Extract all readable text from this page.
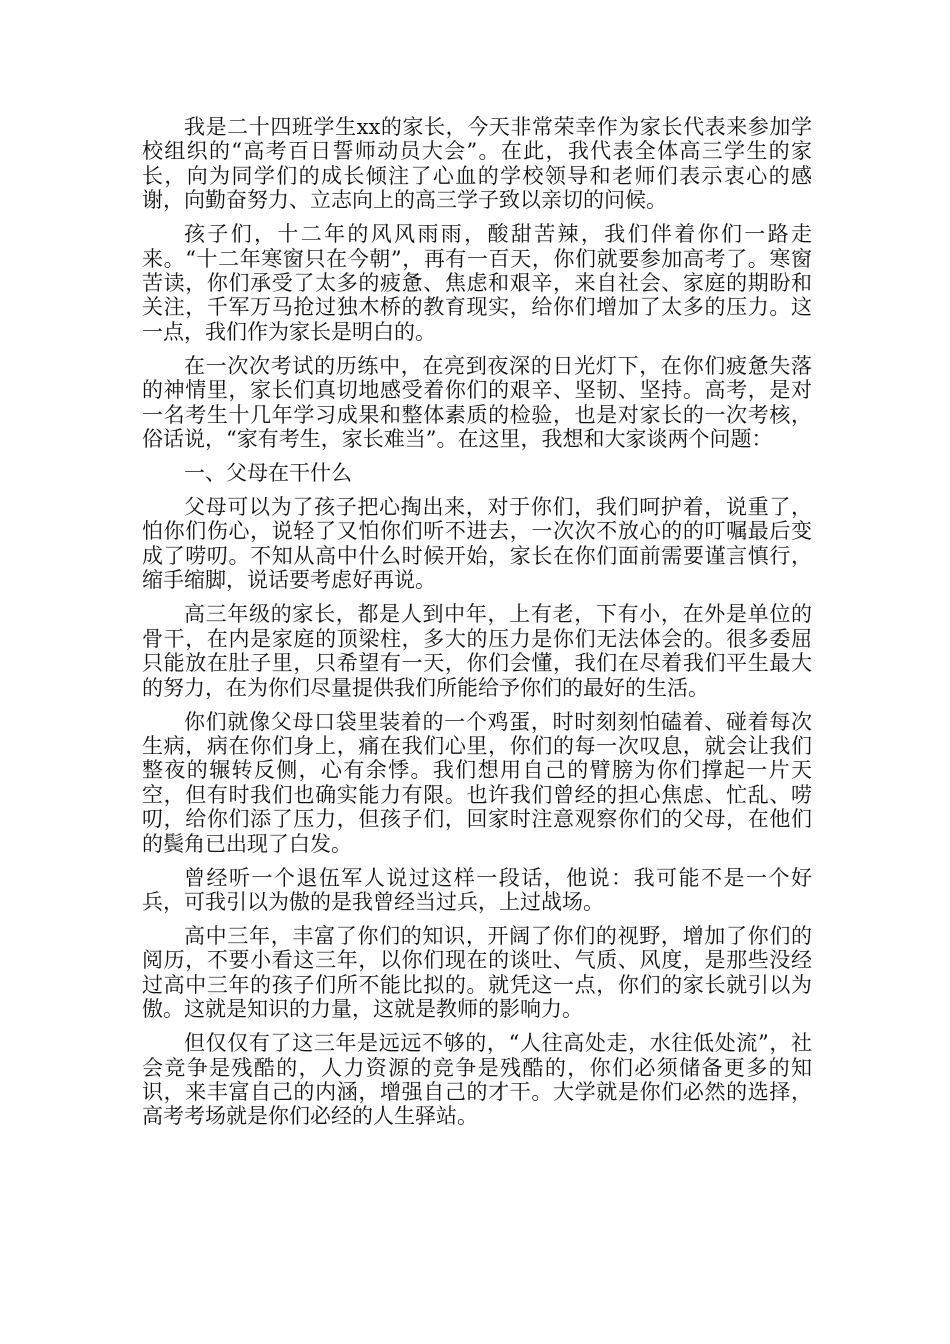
我是二十四班学生xx的家长，今天非常荣幸作为家长代表来参加学校组织的“高考百日誓师动员大会”。在此，我代表全体高三学生的家长，向为同学们的成长倾注了心血的学校领导和老师们表示衷心的感谢，向勤奋努力、立志向上的高三学子致以亲切的问候。

孩子们，十二年的风风雨雨，酸甜苦辣，我们伴着你们一路走来。“十二年寒窗只在今朝”，再有一百天，你们就要参加高考了。寒窗苦读，你们承受了太多的疲惫、焦虑和艰辛，来自社会、家庭的期盼和关注，千军万马抢过独木桥的教育现实，给你们增加了太多的压力。这一点，我们作为家长是明白的。

在一次次考试的历练中，在亮到夜深的日光灯下，在你们疲惫失落的神情里，家长们真切地感受着你们的艰辛、坚韧、坚持。高考，是对一名考生十几年学习成果和整体素质的检验，也是对家长的一次考核，俗话说，“家有考生，家长难当”。在这里，我想和大家谈两个问题：

一、父母在干什么

父母可以为了孩子把心掏出来，对于你们，我们呵护着，说重了，怕你们伤心，说轻了又怕你们听不进去，一次次不放心的的叮嘱最后变成了唠叨。不知从高中什么时候开始，家长在你们面前需要谨言慎行，缩手缩脚，说话要考虑好再说。

高三年级的家长，都是人到中年，上有老，下有小，在外是单位的骨干，在内是家庭的顶梁柱，多大的压力是你们无法体会的。很多委屈只能放在肚子里，只希望有一天，你们会懂，我们在尽着我们平生最大的努力，在为你们尽量提供我们所能给予你们的最好的生活。

你们就像父母口袋里装着的一个鸡蛋，时时刻刻怕磕着、碰着每次生病，病在你们身上，痛在我们心里，你们的每一次叹息，就会让我们整夜的辗转反侧，心有余悸。我们想用自己的臂膀为你们撑起一片天空，但有时我们也确实能力有限。也许我们曾经的担心焦虑、忙乱、唠叨，给你们添了压力，但孩子们，回家时注意观察你们的父母，在他们的鬓角已出现了白发。

曾经听一个退伍军人说过这样一段话，他说：我可能不是一个好兵，可我引以为傲的是我曾经当过兵，上过战场。

高中三年，丰富了你们的知识，开阔了你们的视野，增加了你们的阅历，不要小看这三年，以你们现在的谈吐、气质、风度，是那些没经过高中三年的孩子们所不能比拟的。就凭这一点，你们的家长就引以为傲。这就是知识的力量，这就是教师的影响力。

但仅仅有了这三年是远远不够的，“人往高处走，水往低处流”，社会竞争是残酷的，人力资源的竞争是残酷的，你们必须储备更多的知识，来丰富自己的内涵，增强自己的才干。大学就是你们必然的选择，高考考场就是你们必经的人生驿站。
